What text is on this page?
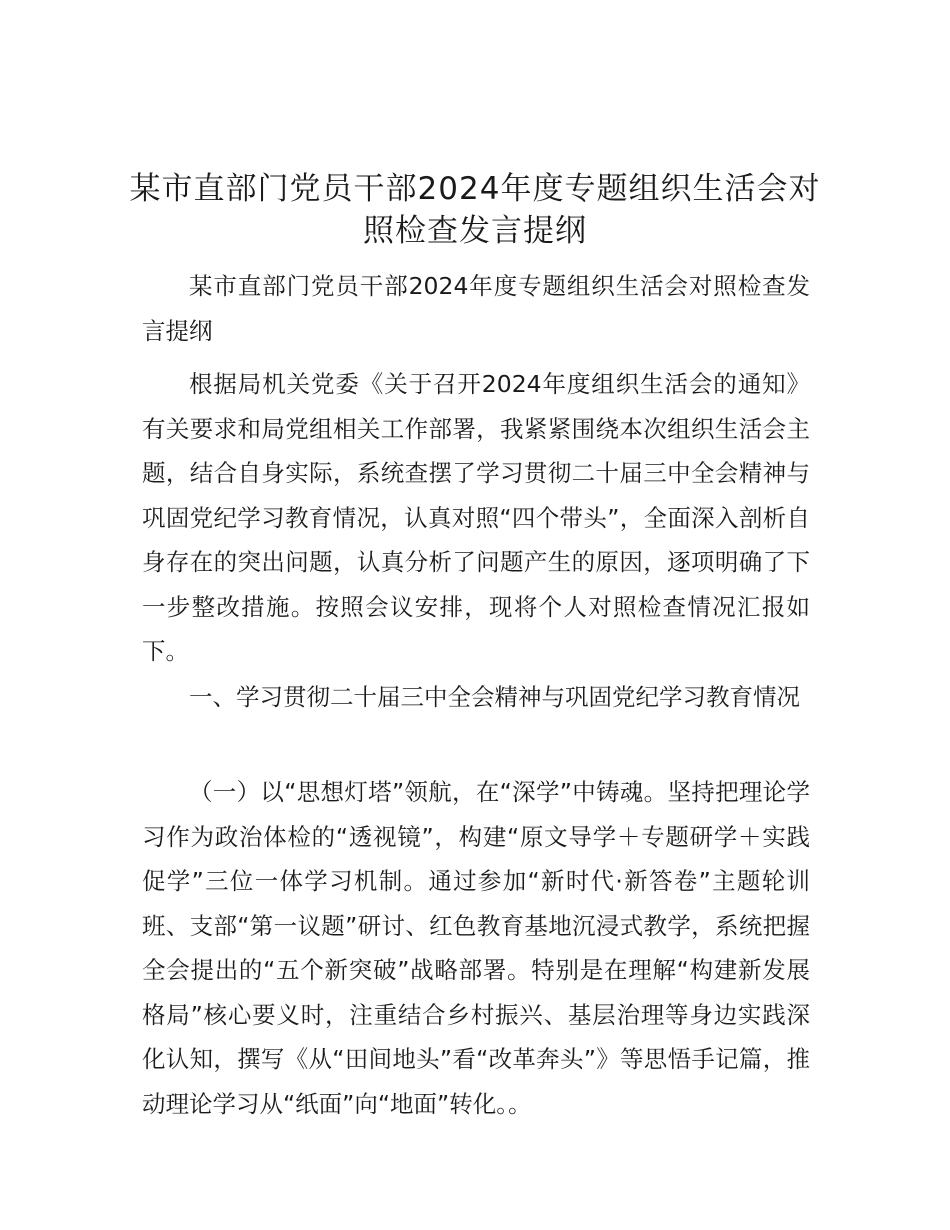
某市直部门党员干部2024年度专题组织生活会对照检查发言提纲

某市直部门党员干部2024年度专题组织生活会对照检查发言提纲

根据局机关党委《关于召开2024年度组织生活会的通知》有关要求和局党组相关工作部署，我紧紧围绕本次组织生活会主题，结合自身实际，系统查摆了学习贯彻二十届三中全会精神与巩固党纪学习教育情况，认真对照“四个带头”，全面深入剖析自身存在的突出问题，认真分析了问题产生的原因，逐项明确了下一步整改措施。按照会议安排，现将个人对照检查情况汇报如下。

一、学习贯彻二十届三中全会精神与巩固党纪学习教育情况

（一）以“思想灯塔”领航，在“深学”中铸魂。坚持把理论学习作为政治体检的“透视镜”，构建“原文导学＋专题研学＋实践促学”三位一体学习机制。通过参加“新时代·新答卷”主题轮训班、支部“第一议题”研讨、红色教育基地沉浸式教学，系统把握全会提出的“五个新突破”战略部署。特别是在理解“构建新发展格局”核心要义时，注重结合乡村振兴、基层治理等身边实践深化认知，撰写《从“田间地头”看“改革奔头”》等思悟手记篇，推动理论学习从“纸面”向“地面”转化。。
